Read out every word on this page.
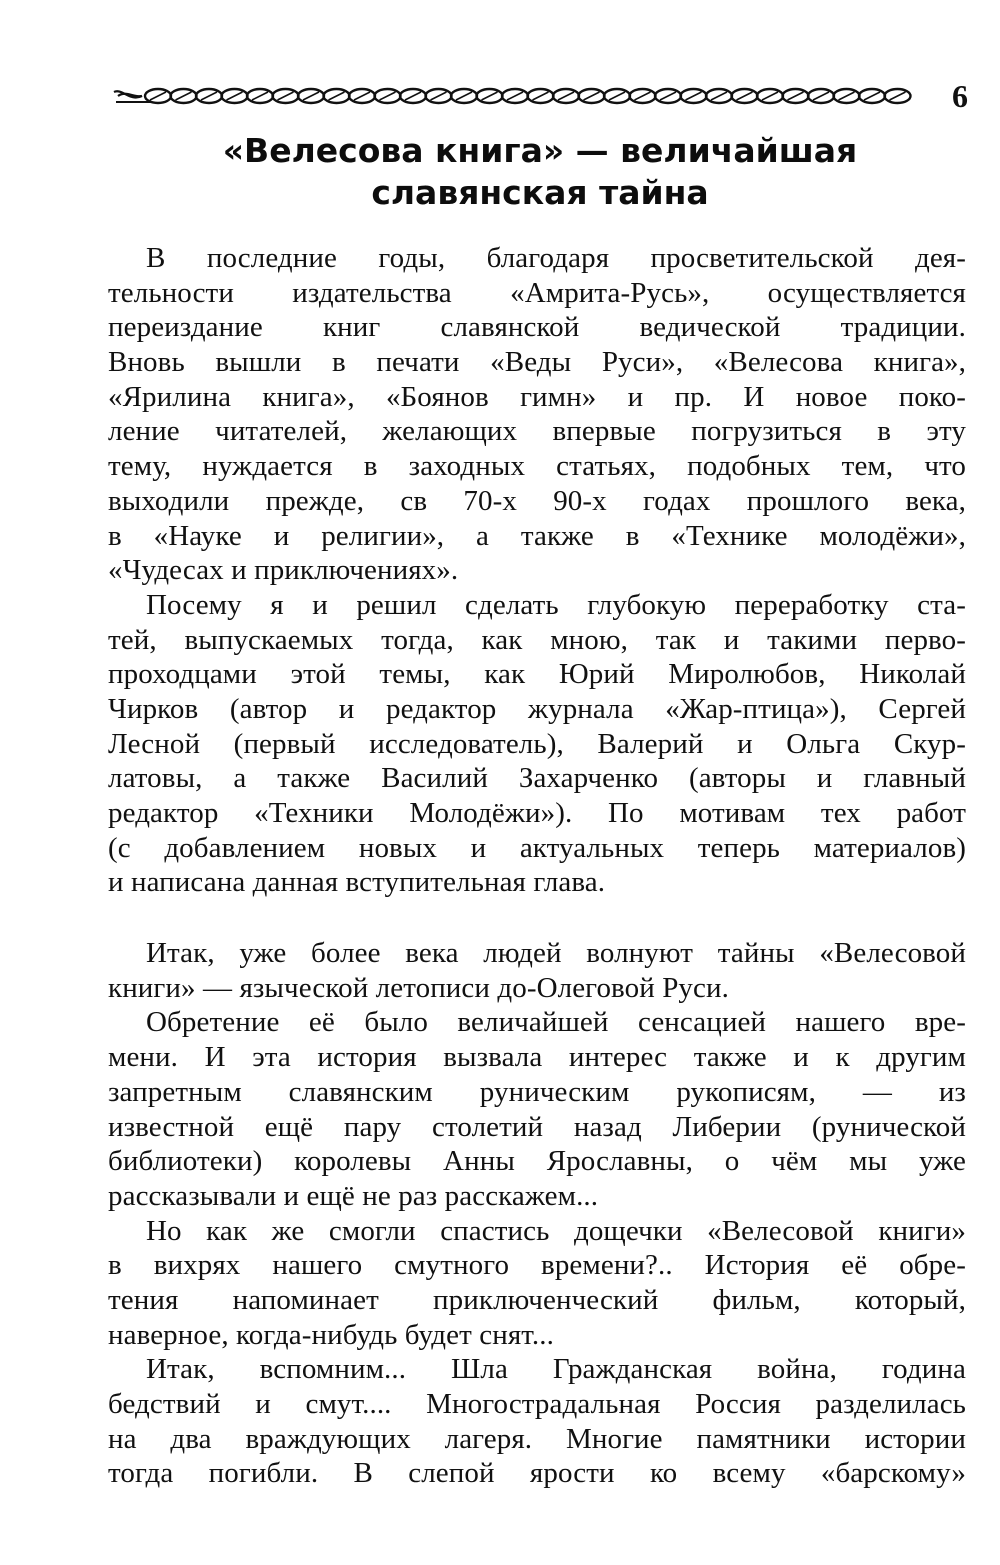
6
«Велесова книга» — величайшая
славянская тайна
В последние годы, благодаря просветительской дея-
тельности издательства «Амрита-Русь», осуществляется
переиздание книг славянской ведической традиции.
Вновь вышли в печати «Веды Руси», «Велесова книга»,
«Ярилина книга», «Боянов гимн» и пр. И новое поко-
ление читателей, желающих впервые погрузиться в эту
тему, нуждается в заходных статьях, подобных тем, что
выходили прежде, св 70-х 90-х годах прошлого века,
в «Науке и религии», а также в «Технике молодёжи»,
«Чудесах и приключениях».
Посему я и решил сделать глубокую переработку ста-
тей, выпускаемых тогда, как мною, так и такими перво-
проходцами этой темы, как Юрий Миролюбов, Николай
Чирков (автор и редактор журнала «Жар-птица»), Сергей
Лесной (первый исследователь), Валерий и Ольга Скур-
латовы, а также Василий Захарченко (авторы и главный
редактор «Техники Молодёжи»). По мотивам тех работ
(с добавлением новых и актуальных теперь материалов)
и написана данная вступительная глава.
Итак, уже более века людей волнуют тайны «Велесовой
книги» — языческой летописи до-Олеговой Руси.
Обретение её было величайшей сенсацией нашего вре-
мени. И эта история вызвала интерес также и к другим
запретным славянским руническим рукописям, — из
известной ещё пару столетий назад Либерии (рунической
библиотеки) королевы Анны Ярославны, о чём мы уже
рассказывали и ещё не раз расскажем...
Но как же смогли спастись дощечки «Велесовой книги»
в вихрях нашего смутного времени?.. История её обре-
тения напоминает приключенческий фильм, который,
наверное, когда-нибудь будет снят...
Итак, вспомним... Шла Гражданская война, година
бедствий и смут.... Многострадальная Россия разделилась
на два враждующих лагеря. Многие памятники истории
тогда погибли. В слепой ярости ко всему «барскому»
